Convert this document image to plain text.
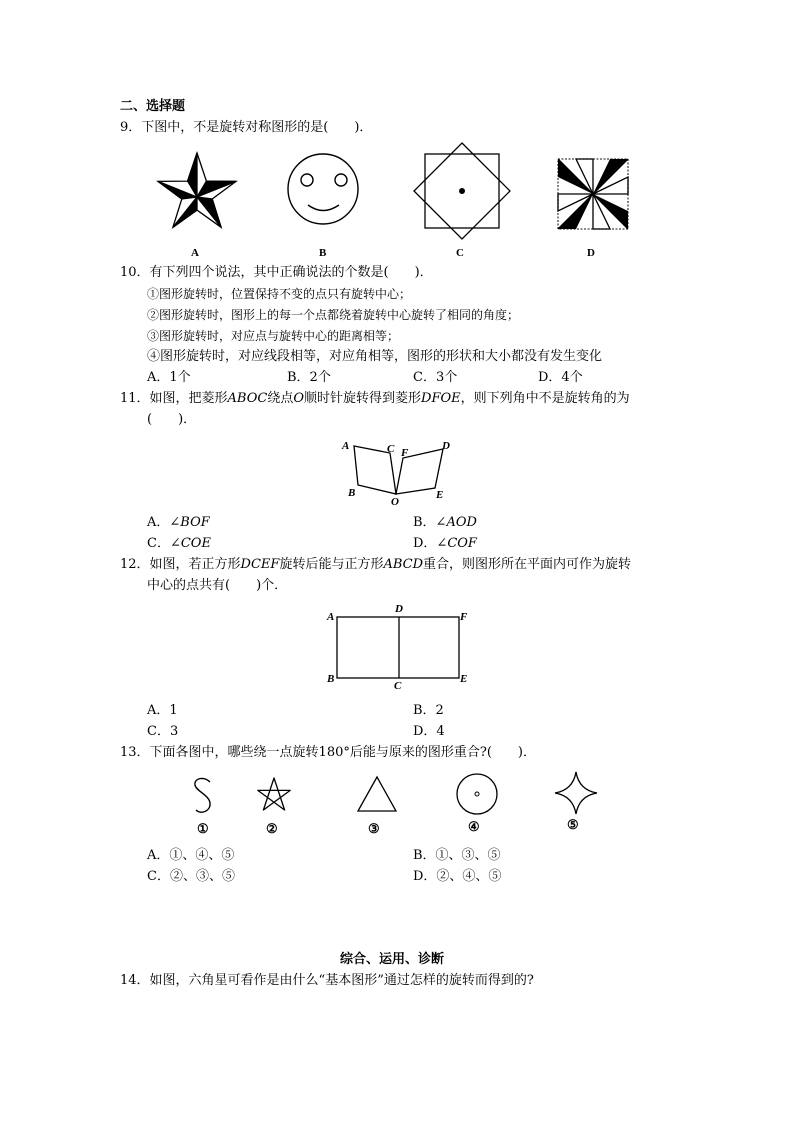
二、选择题
9．下图中，不是旋转对称图形的是(　　)．
A	B	C	D
10．有下列四个说法，其中正确说法的个数是(　　)．
①图形旋转时，位置保持不变的点只有旋转中心；
②图形旋转时，图形上的每一个点都绕着旋转中心旋转了相同的角度；
③图形旋转时，对应点与旋转中心的距离相等；
④图形旋转时，对应线段相等，对应角相等，图形的形状和大小都没有发生变化
A．1个	B．2个	C．3个	D．4个
11．如图，把菱形ABOC绕点O顺时针旋转得到菱形DFOE，则下列角中不是旋转角的为
(　　)．
A
B
C F
D
O
E
A．∠BOF	B．∠AOD
C．∠COE	D．∠COF
12．如图，若正方形DCEF旋转后能与正方形ABCD重合，则图形所在平面内可作为旋转
中心的点共有(　　)个．
A
D
F
B
C
E
A．1	B．2
C．3	D．4
13．下面各图中，哪些绕一点旋转180°后能与原来的图形重合?(　　)．
①	②	③	④	⑤
A．①、④、⑤	B．①、③、⑤
C．②、③、⑤	D．②、④、⑤
综合、运用、诊断
14．如图，六角星可看作是由什么“基本图形”通过怎样的旋转而得到的?
